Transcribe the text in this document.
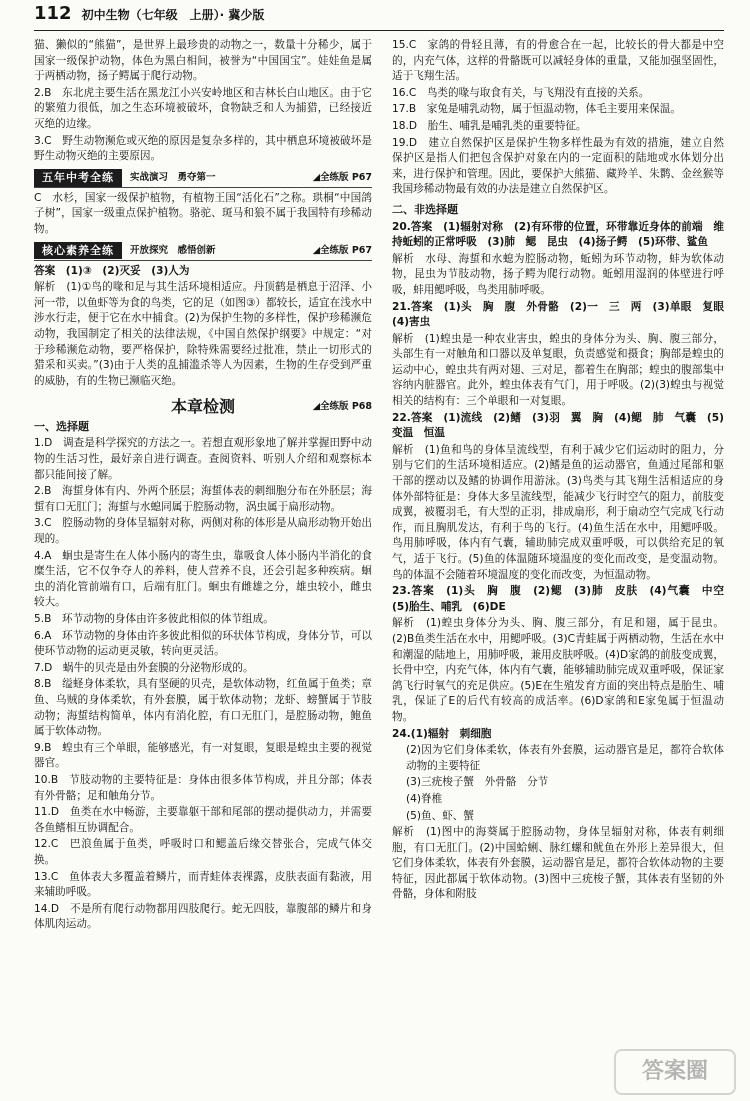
112 初中生物（七年级　上册）· 冀少版

猫、獭似的“熊猫”，是世界上最珍贵的动物之一，数量十分稀少，属于国家一级保护动物，体色为黑白相间，被誉为“中国国宝”。娃娃鱼是属于两栖动物，扬子鳄属于爬行动物。

2.B　东北虎主要生活在黑龙江小兴安岭地区和吉林长白山地区。由于它的繁殖力很低，加之生态环境被破坏，食物缺乏和人为捕猎，已经接近灭绝的边缘。

3.C　野生动物濒危或灭绝的原因是复杂多样的，其中栖息环境被破坏是野生动物灭绝的主要原因。

五年中考全练	实战演习　勇夺第一	◢全练版 P67

C　水杉，国家一级保护植物，有植物王国“活化石”之称。珙桐“中国鸽子树”，国家一级重点保护植物。骆驼、斑马和狼不属于我国特有珍稀动物。

核心素养全练	开放探究　感悟创新	◢全练版 P67

答案　(1)③　(2)灭妥　(3)人为

解析　(1)①鸟的喙和足与其生活环境相适应。丹顶鹤是栖息于沼泽、小河一带，以鱼虾等为食的鸟类，它的足（如图③）都较长，适宜在浅水中涉水行走，便于它在水中捕食。(2)为保护生物的多样性，保护珍稀濒危动物，我国制定了相关的法律法规，《中国自然保护纲要》中规定：“对于珍稀濒危动物，要严格保护，除特殊需要经过批准，禁止一切形式的猎采和买卖。”(3)由于人类的乱捕滥杀等人为因素，生物的生存受到严重的威胁，有的生物已濒临灭绝。

本章检测	◢全练版 P68
一、选择题

1.D　调查是科学探究的方法之一。若想直观形象地了解并掌握田野中动物的生活习性，最好亲自进行调查。查阅资料、听别人介绍和观察标本都只能间接了解。

2.B　海蜇身体有内、外两个胚层；海蜇体表的刺细胞分布在外胚层；海蜇有口无肛门；海蜇与水螅同属于腔肠动物，涡虫属于扁形动物。

3.C　腔肠动物的身体呈辐射对称，两侧对称的体形是从扁形动物开始出现的。

4.A　蛔虫是寄生在人体小肠内的寄生虫，靠吸食人体小肠内半消化的食糜生活，它不仅争夺人的养料，使人营养不良，还会引起多种疾病。蛔虫的消化管前端有口，后端有肛门。蛔虫有雌雄之分，雄虫较小，雌虫较大。

5.B　环节动物的身体由许多彼此相似的体节组成。

6.A　环节动物的身体由许多彼此相似的环状体节构成，身体分节，可以使环节动物的运动更灵敏，转向更灵活。

7.D　蜗牛的贝壳是由外套膜的分泌物形成的。

8.B　缢蛏身体柔软，具有坚硬的贝壳，是软体动物，红鱼属于鱼类；章鱼、乌贼的身体柔软，有外套膜，属于软体动物；龙虾、螃蟹属于节肢动物；海蜇结构简单，体内有消化腔，有口无肛门，是腔肠动物，鲍鱼属于软体动物。

9.B　蝗虫有三个单眼，能够感光，有一对复眼，复眼是蝗虫主要的视觉器官。

10.B　节肢动物的主要特征是：身体由很多体节构成，并且分部；体表有外骨骼；足和触角分节。

11.D　鱼类在水中畅游，主要靠躯干部和尾部的摆动提供动力，并需要各鱼鳍相互协调配合。

12.C　巴浪鱼属于鱼类，呼吸时口和鳃盖后缘交替张合，完成气体交换。

13.C　鱼体表大多覆盖着鳞片，而青蛙体表裸露，皮肤表面有黏液，用来辅助呼吸。

14.D　不是所有爬行动物都用四肢爬行。蛇无四肢，靠腹部的鳞片和身体肌肉运动。

15.C　家鸽的骨轻且薄，有的骨愈合在一起，比较长的骨大都是中空的，内充气体，这样的骨骼既可以减轻身体的重量，又能加强坚固性，适于飞翔生活。

16.C　鸟类的喙与取食有关，与飞翔没有直接的关系。

17.B　家兔是哺乳动物，属于恒温动物，体毛主要用来保温。

18.D　胎生、哺乳是哺乳类的重要特征。

19.D　建立自然保护区是保护生物多样性最为有效的措施，建立自然保护区是指人们把包含保护对象在内的一定面积的陆地或水体划分出来，进行保护和管理。因此，要保护大熊猫、藏羚羊、朱鹮、金丝猴等我国珍稀动物最有效的办法是建立自然保护区。

二、非选择题

20.答案　(1)辐射对称　(2)有环带的位置，环带靠近身体的前端　维持蚯蚓的正常呼吸　(3)肺　鳃　昆虫　(4)扬子鳄　(5)环带、鲨鱼

解析　水母、海蜇和水螅为腔肠动物，蚯蚓为环节动物，蚌为软体动物，昆虫为节肢动物，扬子鳄为爬行动物。蚯蚓用湿润的体壁进行呼吸，蚌用鳃呼吸，鸟类用肺呼吸。

21.答案　(1)头　胸　腹　外骨骼　(2)一　三　两　(3)单眼　复眼　(4)害虫

解析　(1)蝗虫是一种农业害虫，蝗虫的身体分为头、胸、腹三部分，头部生有一对触角和口器以及单复眼，负责感觉和摄食；胸部是蝗虫的运动中心，蝗虫共有两对翅、三对足，都着生在胸部；蝗虫的腹部集中容纳内脏器官。此外，蝗虫体表有气门，用于呼吸。(2)(3)蝗虫与视觉相关的结构有：三个单眼和一对复眼。

22.答案　(1)流线　(2)鳍　(3)羽　翼　胸　(4)鳃　肺　气囊　(5)变温　恒温

解析　(1)鱼和鸟的身体呈流线型，有利于减少它们运动时的阻力，分别与它们的生活环境相适应。(2)鳍是鱼的运动器官，鱼通过尾部和躯干部的摆动以及鳍的协调作用游泳。(3)鸟类与其飞翔生活相适应的身体外部特征是：身体大多呈流线型，能减少飞行时空气的阻力，前肢变成翼，被覆羽毛，有大型的正羽，排成扇形，利于扇动空气完成飞行动作，而且胸肌发达，有利于鸟的飞行。(4)鱼生活在水中，用鳃呼吸。鸟用肺呼吸，体内有气囊，辅助肺完成双重呼吸，可以供给充足的氧气，适于飞行。(5)鱼的体温随环境温度的变化而改变，是变温动物。鸟的体温不会随着环境温度的变化而改变，为恒温动物。

23.答案　(1)头　胸　腹　(2)鳃　(3)肺　皮肤　(4)气囊　中空　(5)胎生、哺乳　(6)DE

解析　(1)蝗虫身体分为头、胸、腹三部分，有足和翅，属于昆虫。(2)B鱼类生活在水中，用鳃呼吸。(3)C青蛙属于两栖动物，生活在水中和潮湿的陆地上，用肺呼吸，兼用皮肤呼吸。(4)D家鸽的前肢变成翼，长骨中空，内充气体，体内有气囊，能够辅助肺完成双重呼吸，保证家鸽飞行时氧气的充足供应。(5)E在生殖发育方面的突出特点是胎生、哺乳，保证了E的后代有较高的成活率。(6)D家鸽和E家兔属于恒温动物。

24.(1)辐射　刺细胞

(2)因为它们身体柔软，体表有外套膜，运动器官是足，都符合软体动物的主要特征

(3)三疣梭子蟹　外骨骼　分节

(4)脊椎

(5)鱼、虾、蟹

解析　(1)图中的海葵属于腔肠动物，身体呈辐射对称，体表有刺细胞，有口无肛门。(2)中国蛤蜊、脉红螺和鱿鱼在外形上差异很大，但它们身体柔软，体表有外套膜，运动器官是足，都符合软体动物的主要特征，因此都属于软体动物。(3)图中三疣梭子蟹，其体表有坚韧的外骨骼，身体和附肢

答案圈
